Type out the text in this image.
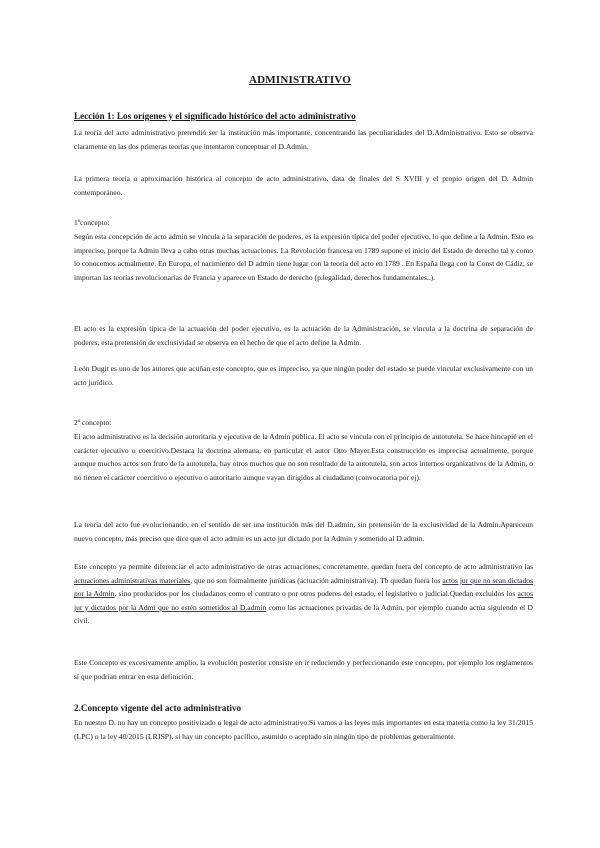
ADMINISTRATIVO
Lección 1: Los orígenes y el significado histórico del acto administrativo

La teoría del acto administrativo pretendió ser la institución más importante, concentrando las peculiaridades del D.Administrativo. Esto se observa claramente en las dos primeras teorías que intentaron conceptuar el D.Admin.

La primera teoría o aproximación histórica al concepto de acto administrativo, data de finales del S XVIII y el propio origen del D. Admin contemporáneo.

1ºconcepto:

Según esta concepción de acto admin se vincula a la separación de poderes, es la expresión típica del poder ejecutivo, lo que define a la Admin. Esto es impreciso, porque la Admin lleva a cabo otras muchas actuaciones. La Revolución francesa en 1789 supone el inicio del Estado de derecho tal y como lo conocemos actualmente. En Europa, el nacimiento del D admin tiene lugar con la teoría del acto en 1789 . En España llega con la Const de Cádiz, se importan las teorías revolucionarias de Francia y aparece un Estado de derecho (p.legalidad, derechos fundamentales..).

El acto es la expresión típica de la actuación del poder ejecutivo, es la actuación de la Administración, se vincula a la doctrina de separación de poderes, esta pretensión de exclusividad se observa en el hecho de que el acto define la Admin.

León Dugit es uno de los autores que acuñan este concepto, que es impreciso, ya que ningún poder del estado se puede vincular exclusivamente con un acto jurídico.

2º concepto:

El acto administrativo es la decisión autoritaria y ejecutiva de la Admin pública. El acto se vincula con el principio de autotutela. Se hace hincapié en el carácter ejecutivo o coercitivo.Destaca la doctrina alemana, en particular el autor Otto Mayer.Esta construcción es imprecisa actualmente, porque aunque muchos actos son fruto de la autotutela, hay otros muchos que no son resultado de la autotutela, son actos internos organizativos de la Admin, o no tienen el carácter coercitivo o ejecutivo o autoritario aunque vayan dirigidos al ciudadano (convocatoria por ej).

La teoría del acto fue evolucionando, en el sentido de ser una institución más del D.admin, sin pretensión de la exclusividad de la Admin.Apareceun nuevo concepto, más preciso que dice que el acto admin es un acto jur dictado por la Admin y sometido al D.admin.

Este concepto ya permite diferenciar el acto administrativo de otras actuaciones, concretamente, quedan fuera del concepto de acto administrativo las actuaciones administrativas materiales, que no son formalmente jurídicas (actuación administrativa). Tb quedan fuera los actos jur que no sean dictados por la Admin, sino producidos por los ciudadanos como el contrato o por otros poderes del estado, el legislativo o judicial.Quedan excluidos los actos jur y dictados por la Admi que no estén sometidos al D.admin como las actuaciones privadas de la Admin, por ejemplo cuando actúa siguiendo el D civil.

Este Concepto es excesivamente amplio, la evolución posterior consiste en ir reduciendo y perfeccionando este concepto, por ejemplo los reglamentos sí que podrían entrar en esta definición.

2.Concepto vigente del acto administrativo

En nuestro D. no hay un concepto positivizado o legal de acto administrativo.Si vamos a las leyes más importantes en esta materia como la ley 31/2015 (LPC) o la ley 40/2015 (LRJSP), sí hay un concepto pacífico, asumido o aceptado sin ningún tipo de problemas generalmente.
